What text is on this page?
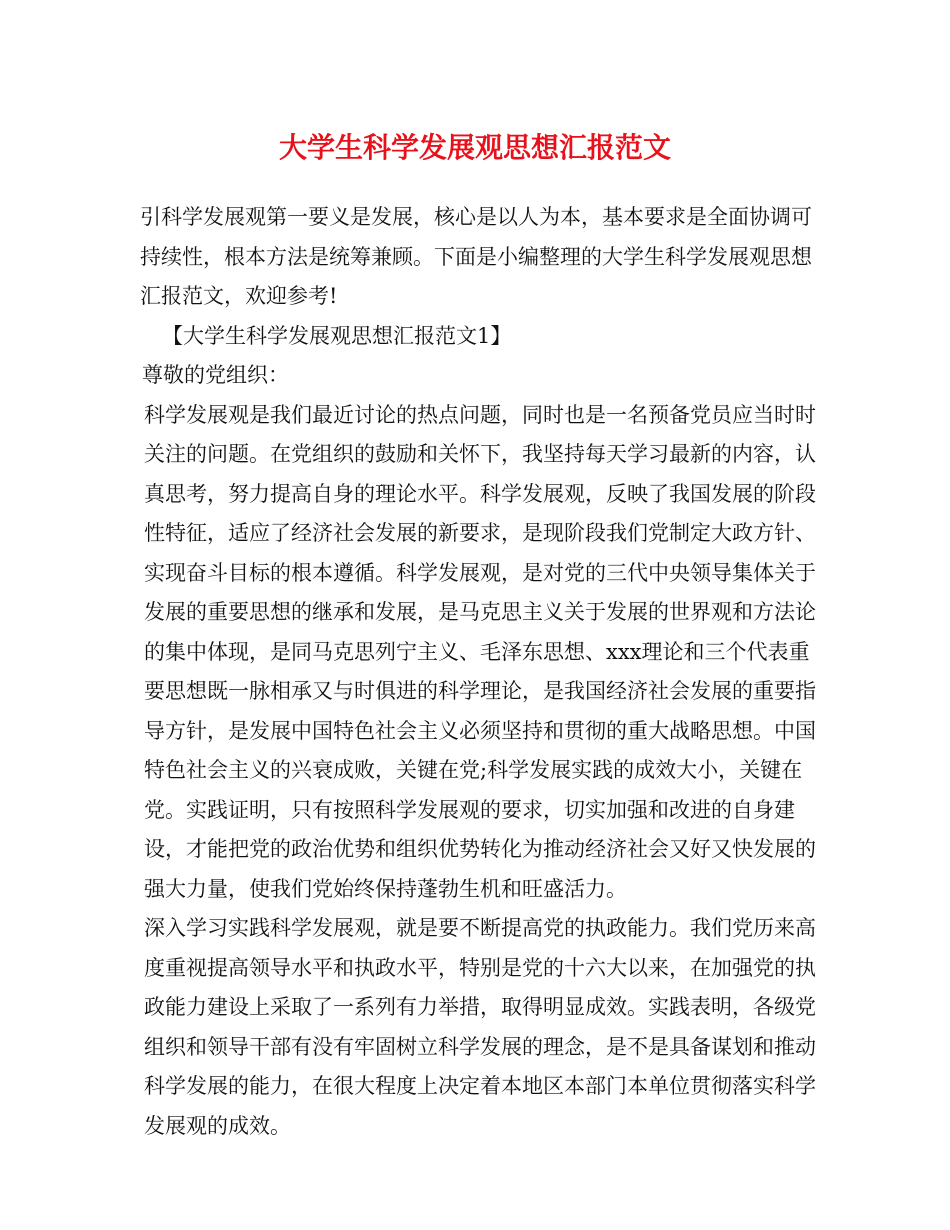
大学生科学发展观思想汇报范文

引科学发展观第一要义是发展，核心是以人为本，基本要求是全面协调可持续性，根本方法是统筹兼顾。下面是小编整理的大学生科学发展观思想汇报范文，欢迎参考!

【大学生科学发展观思想汇报范文1】

尊敬的党组织：

科学发展观是我们最近讨论的热点问题，同时也是一名预备党员应当时时关注的问题。在党组织的鼓励和关怀下，我坚持每天学习最新的内容，认真思考，努力提高自身的理论水平。科学发展观，反映了我国发展的阶段性特征，适应了经济社会发展的新要求，是现阶段我们党制定大政方针、实现奋斗目标的根本遵循。科学发展观，是对党的三代中央领导集体关于发展的重要思想的继承和发展，是马克思主义关于发展的世界观和方法论的集中体现，是同马克思列宁主义、毛泽东思想、xxx理论和三个代表重要思想既一脉相承又与时俱进的科学理论，是我国经济社会发展的重要指导方针，是发展中国特色社会主义必须坚持和贯彻的重大战略思想。中国特色社会主义的兴衰成败，关键在党;科学发展实践的成效大小，关键在党。实践证明，只有按照科学发展观的要求，切实加强和改进的自身建设，才能把党的政治优势和组织优势转化为推动经济社会又好又快发展的强大力量，使我们党始终保持蓬勃生机和旺盛活力。

深入学习实践科学发展观，就是要不断提高党的执政能力。我们党历来高度重视提高领导水平和执政水平，特别是党的十六大以来，在加强党的执政能力建设上采取了一系列有力举措，取得明显成效。实践表明，各级党组织和领导干部有没有牢固树立科学发展的理念，是不是具备谋划和推动科学发展的能力，在很大程度上决定着本地区本部门本单位贯彻落实科学发展观的成效。
